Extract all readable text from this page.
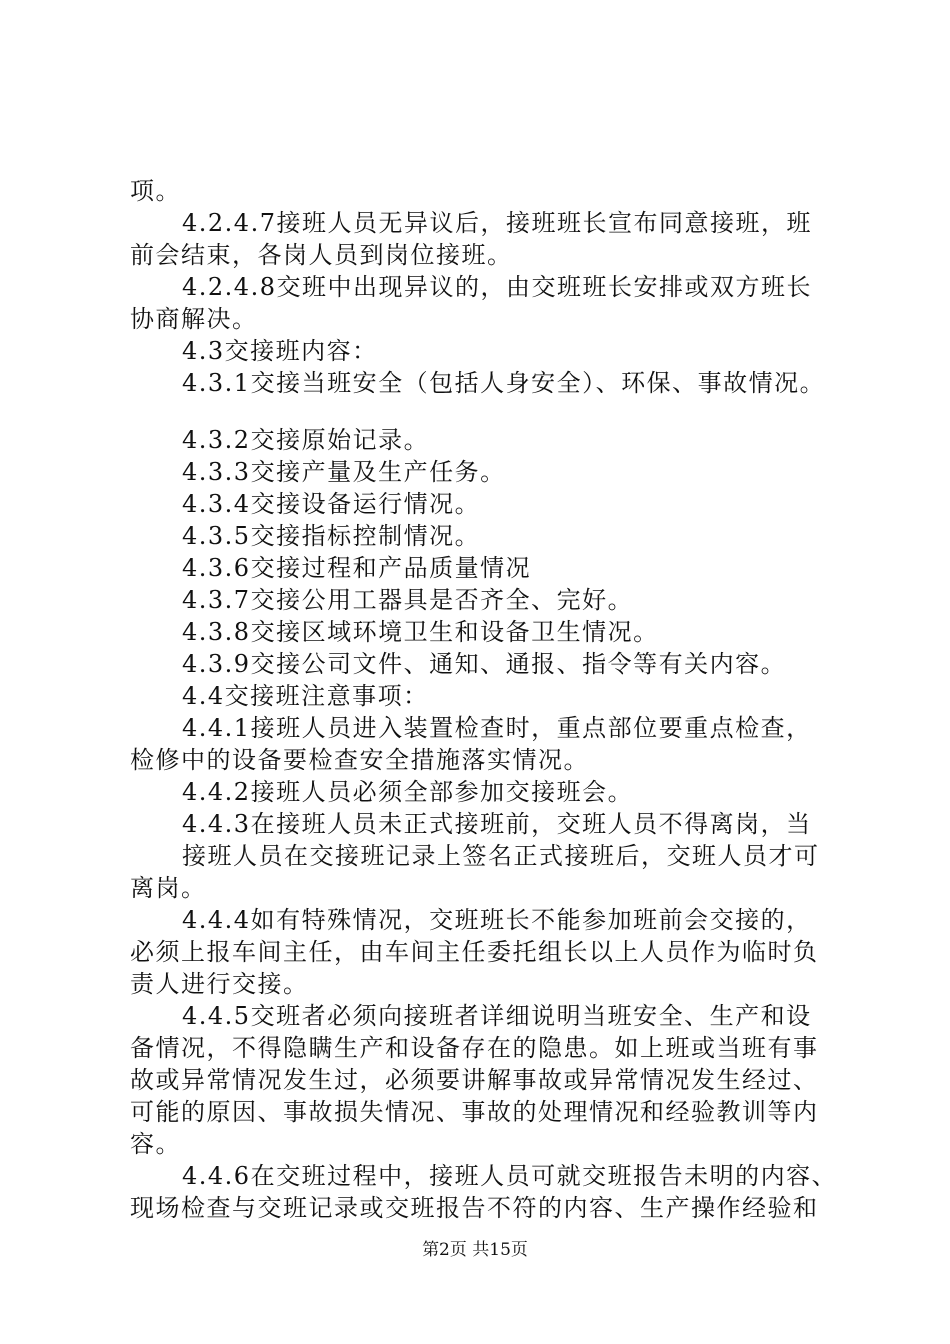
项。
4.2.4.7接班人员无异议后，接班班长宣布同意接班，班
前会结束，各岗人员到岗位接班。
4.2.4.8交班中出现异议的，由交班班长安排或双方班长
协商解决。
4.3交接班内容：
4.3.1交接当班安全（包括人身安全）、环保、事故情况。
4.3.2交接原始记录。
4.3.3交接产量及生产任务。
4.3.4交接设备运行情况。
4.3.5交接指标控制情况。
4.3.6交接过程和产品质量情况
4.3.7交接公用工器具是否齐全、完好。
4.3.8交接区域环境卫生和设备卫生情况。
4.3.9交接公司文件、通知、通报、指令等有关内容。
4.4交接班注意事项：
4.4.1接班人员进入装置检查时，重点部位要重点检查，
检修中的设备要检查安全措施落实情况。
4.4.2接班人员必须全部参加交接班会。
4.4.3在接班人员未正式接班前，交班人员不得离岗，当
接班人员在交接班记录上签名正式接班后，交班人员才可
离岗。
4.4.4如有特殊情况，交班班长不能参加班前会交接的，
必须上报车间主任，由车间主任委托组长以上人员作为临时负
责人进行交接。
4.4.5交班者必须向接班者详细说明当班安全、生产和设
备情况，不得隐瞒生产和设备存在的隐患。如上班或当班有事
故或异常情况发生过，必须要讲解事故或异常情况发生经过、
可能的原因、事故损失情况、事故的处理情况和经验教训等内
容。
4.4.6在交班过程中，接班人员可就交班报告未明的内容、
现场检查与交班记录或交班报告不符的内容、生产操作经验和
第2页 共15页
